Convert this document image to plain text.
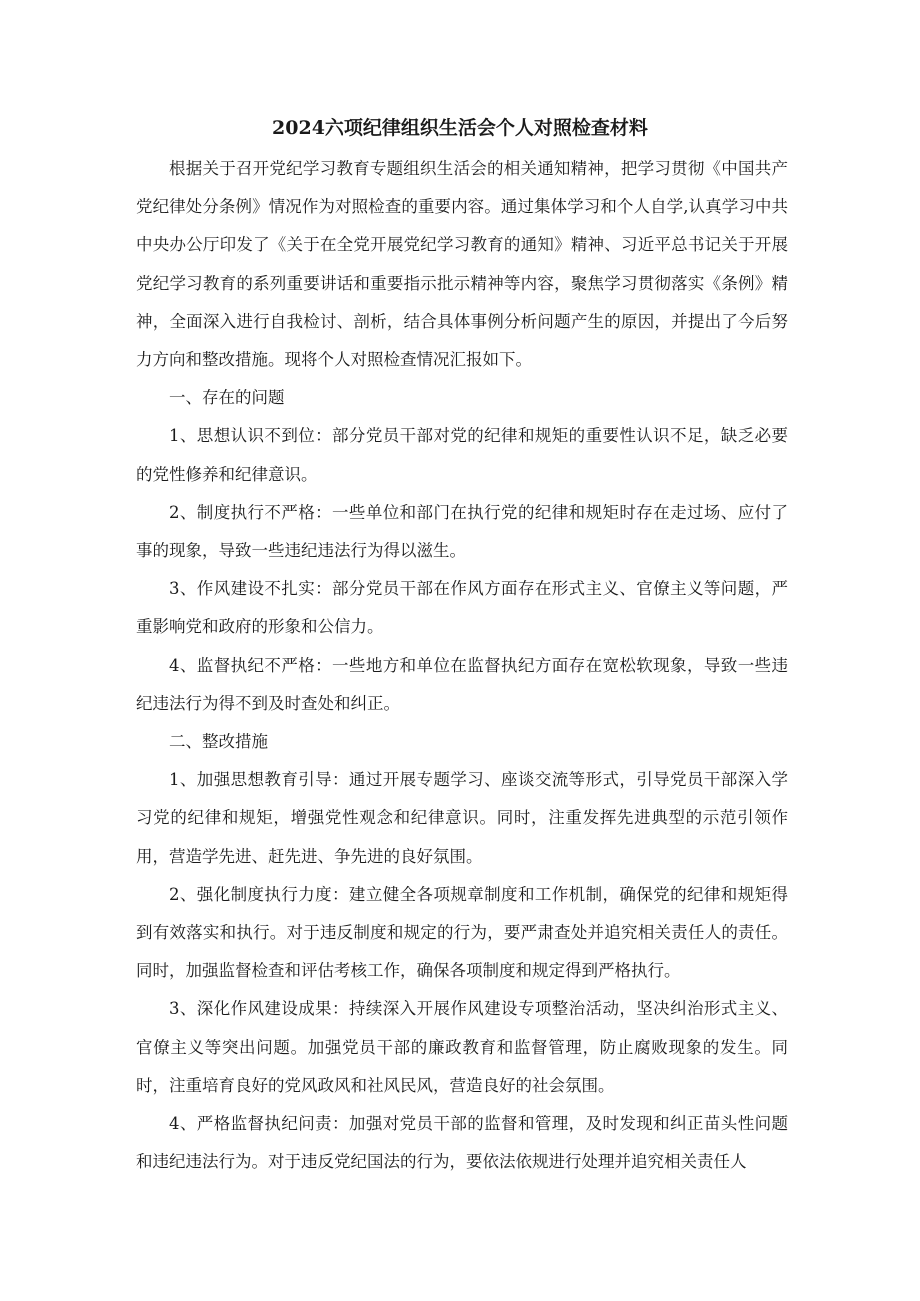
2024六项纪律组织生活会个人对照检查材料

根据关于召开党纪学习教育专题组织生活会的相关通知精神，把学习贯彻《中国共产党纪律处分条例》情况作为对照检查的重要内容。通过集体学习和个人自学,认真学习中共中央办公厅印发了《关于在全党开展党纪学习教育的通知》精神、习近平总书记关于开展党纪学习教育的系列重要讲话和重要指示批示精神等内容，聚焦学习贯彻落实《条例》精神，全面深入进行自我检讨、剖析，结合具体事例分析问题产生的原因，并提出了今后努力方向和整改措施。现将个人对照检查情况汇报如下。

一、存在的问题

1、思想认识不到位：部分党员干部对党的纪律和规矩的重要性认识不足，缺乏必要的党性修养和纪律意识。

2、制度执行不严格：一些单位和部门在执行党的纪律和规矩时存在走过场、应付了事的现象，导致一些违纪违法行为得以滋生。

3、作风建设不扎实：部分党员干部在作风方面存在形式主义、官僚主义等问题，严重影响党和政府的形象和公信力。

4、监督执纪不严格：一些地方和单位在监督执纪方面存在宽松软现象，导致一些违纪违法行为得不到及时查处和纠正。

二、整改措施

1、加强思想教育引导：通过开展专题学习、座谈交流等形式，引导党员干部深入学习党的纪律和规矩，增强党性观念和纪律意识。同时，注重发挥先进典型的示范引领作用，营造学先进、赶先进、争先进的良好氛围。

2、强化制度执行力度：建立健全各项规章制度和工作机制，确保党的纪律和规矩得到有效落实和执行。对于违反制度和规定的行为，要严肃查处并追究相关责任人的责任。同时，加强监督检查和评估考核工作，确保各项制度和规定得到严格执行。

3、深化作风建设成果：持续深入开展作风建设专项整治活动，坚决纠治形式主义、官僚主义等突出问题。加强党员干部的廉政教育和监督管理，防止腐败现象的发生。同时，注重培育良好的党风政风和社风民风，营造良好的社会氛围。

4、严格监督执纪问责：加强对党员干部的监督和管理，及时发现和纠正苗头性问题和违纪违法行为。对于违反党纪国法的行为，要依法依规进行处理并追究相关责任人
